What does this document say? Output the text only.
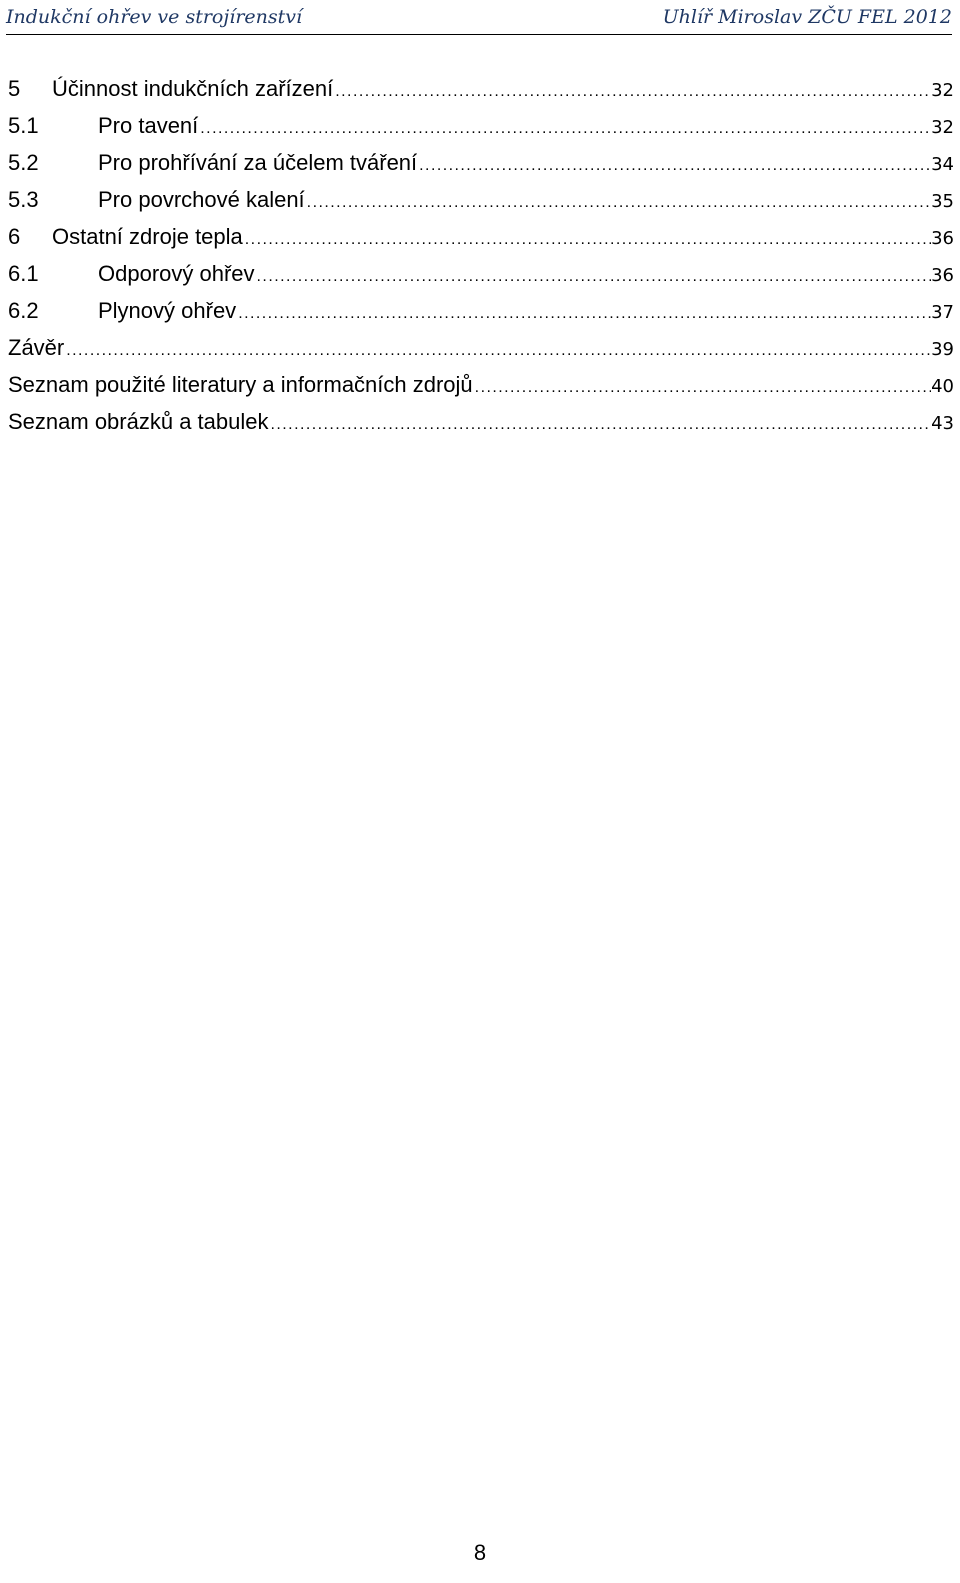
Indukční ohřev ve strojírenství	Uhlíř Miroslav ZČU FEL 2012
5	Účinnost indukčních zařízení . . .	32
5.1	Pro tavení . . .	32
5.2	Pro prohřívání za účelem tváření . . .	34
5.3	Pro povrchové kalení . . .	35
6	Ostatní zdroje tepla . . .	36
6.1	Odporový ohřev . . .	36
6.2	Plynový ohřev . . .	37
Závěr . . .	39
Seznam použité literatury a informačních zdrojů . . .	40
Seznam obrázků a tabulek . . .	43
8
